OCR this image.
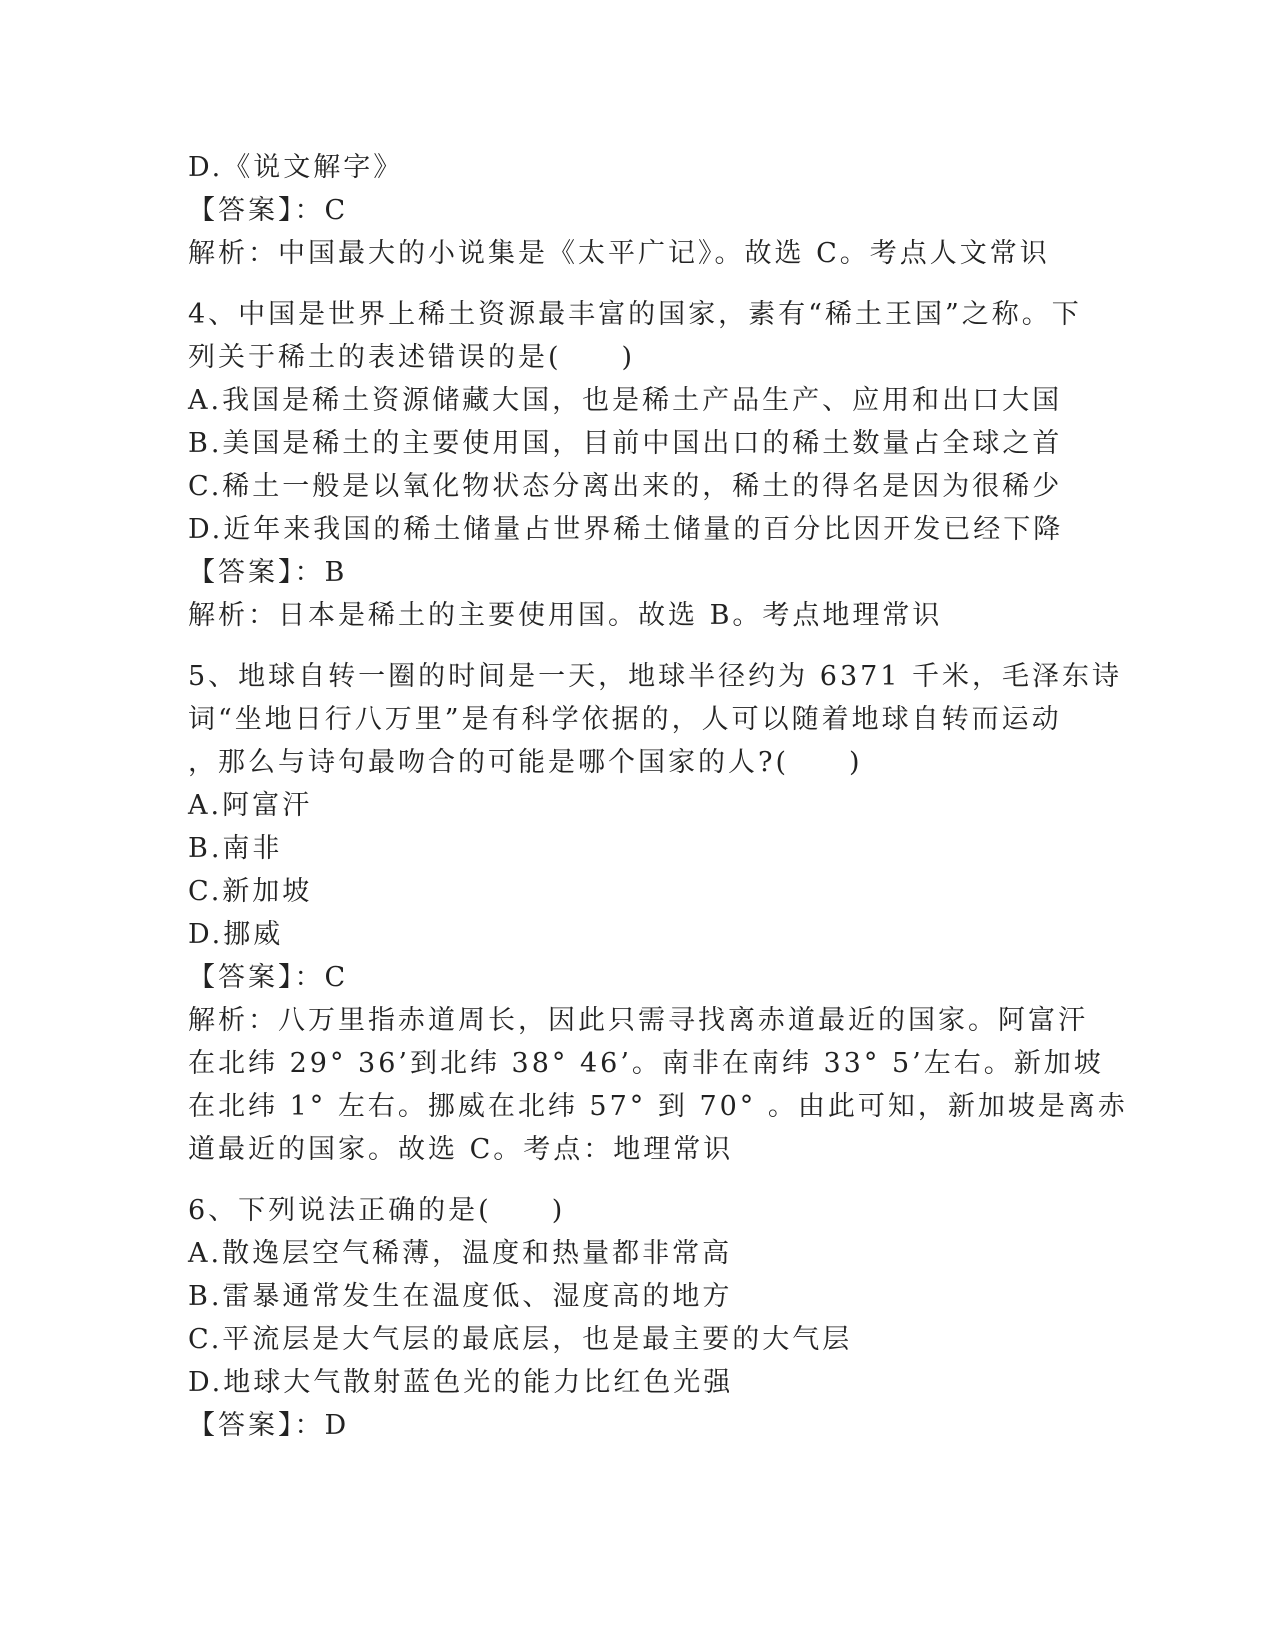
D.《说文解字》
【答案】：C
解析：中国最大的小说集是《太平广记》。故选 C。考点人文常识
4、中国是世界上稀土资源最丰富的国家，素有“稀土王国”之称。下
列关于稀土的表述错误的是(　　)
A.我国是稀土资源储藏大国，也是稀土产品生产、应用和出口大国
B.美国是稀土的主要使用国，目前中国出口的稀土数量占全球之首
C.稀土一般是以氧化物状态分离出来的，稀土的得名是因为很稀少
D.近年来我国的稀土储量占世界稀土储量的百分比因开发已经下降
【答案】：B
解析：日本是稀土的主要使用国。故选 B。考点地理常识
5、地球自转一圈的时间是一天，地球半径约为 6371 千米，毛泽东诗
词“坐地日行八万里”是有科学依据的，人可以随着地球自转而运动
，那么与诗句最吻合的可能是哪个国家的人?(　　)
A.阿富汗
B.南非
C.新加坡
D.挪威
【答案】：C
解析：八万里指赤道周长，因此只需寻找离赤道最近的国家。阿富汗
在北纬 29° 36’到北纬 38° 46’。南非在南纬 33° 5’左右。新加坡
在北纬 1° 左右。挪威在北纬 57° 到 70° 。由此可知，新加坡是离赤
道最近的国家。故选 C。考点：地理常识
6、下列说法正确的是(　　)
A.散逸层空气稀薄，温度和热量都非常高
B.雷暴通常发生在温度低、湿度高的地方
C.平流层是大气层的最底层，也是最主要的大气层
D.地球大气散射蓝色光的能力比红色光强
【答案】：D
